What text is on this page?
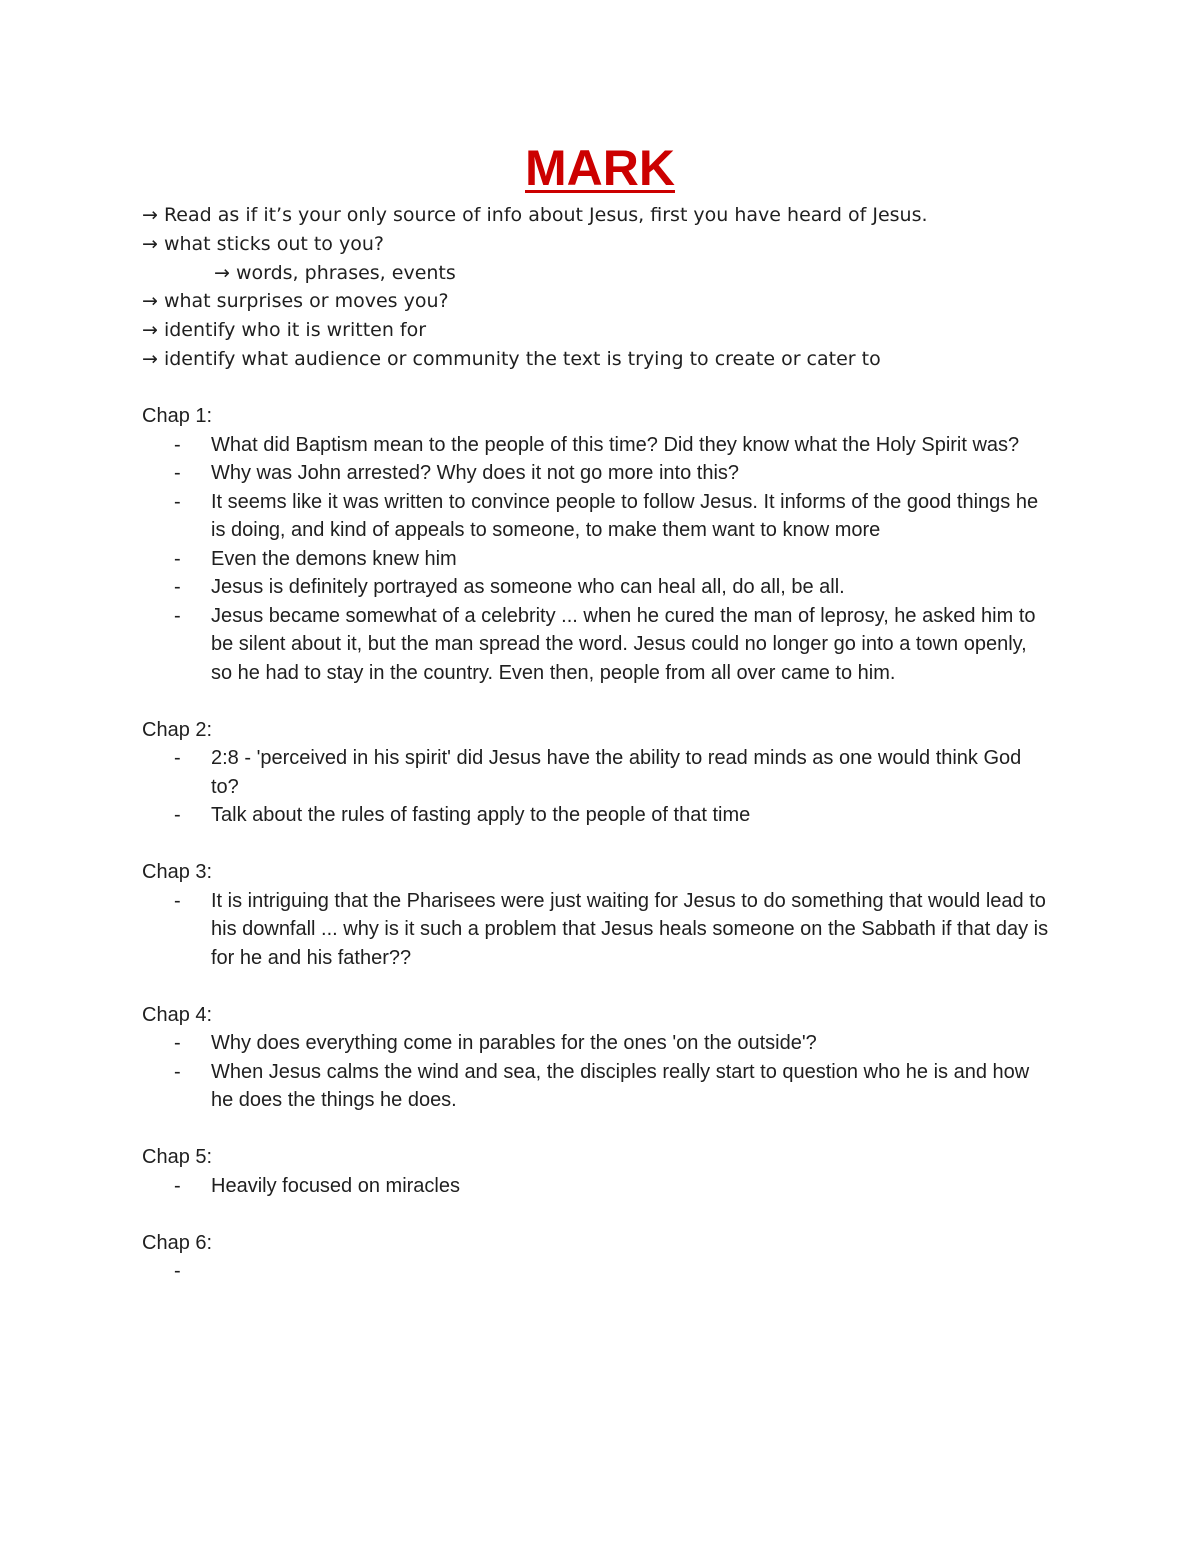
MARK
→ Read as if it’s your only source of info about Jesus, first you have heard of Jesus.
→ what sticks out to you?
→ words, phrases, events
→ what surprises or moves you?
→ identify who it is written for
→ identify what audience or community the text is trying to create or cater to

Chap 1:

- What did Baptism mean to the people of this time? Did they know what the Holy Spirit was?
- Why was John arrested? Why does it not go more into this?
- It seems like it was written to convince people to follow Jesus. It informs of the good things he is doing, and kind of appeals to someone, to make them want to know more
- Even the demons knew him
- Jesus is definitely portrayed as someone who can heal all, do all, be all.
- Jesus became somewhat of a celebrity ... when he cured the man of leprosy, he asked him to be silent about it, but the man spread the word. Jesus could no longer go into a town openly, so he had to stay in the country. Even then, people from all over came to him.

Chap 2:

- 2:8 - 'perceived in his spirit' did Jesus have the ability to read minds as one would think God to?
- Talk about the rules of fasting apply to the people of that time

Chap 3:

- It is intriguing that the Pharisees were just waiting for Jesus to do something that would lead to his downfall ... why is it such a problem that Jesus heals someone on the Sabbath if that day is for he and his father??

Chap 4:

- Why does everything come in parables for the ones 'on the outside'?
- When Jesus calms the wind and sea, the disciples really start to question who he is and how he does the things he does.

Chap 5:

- Heavily focused on miracles

Chap 6:

-
